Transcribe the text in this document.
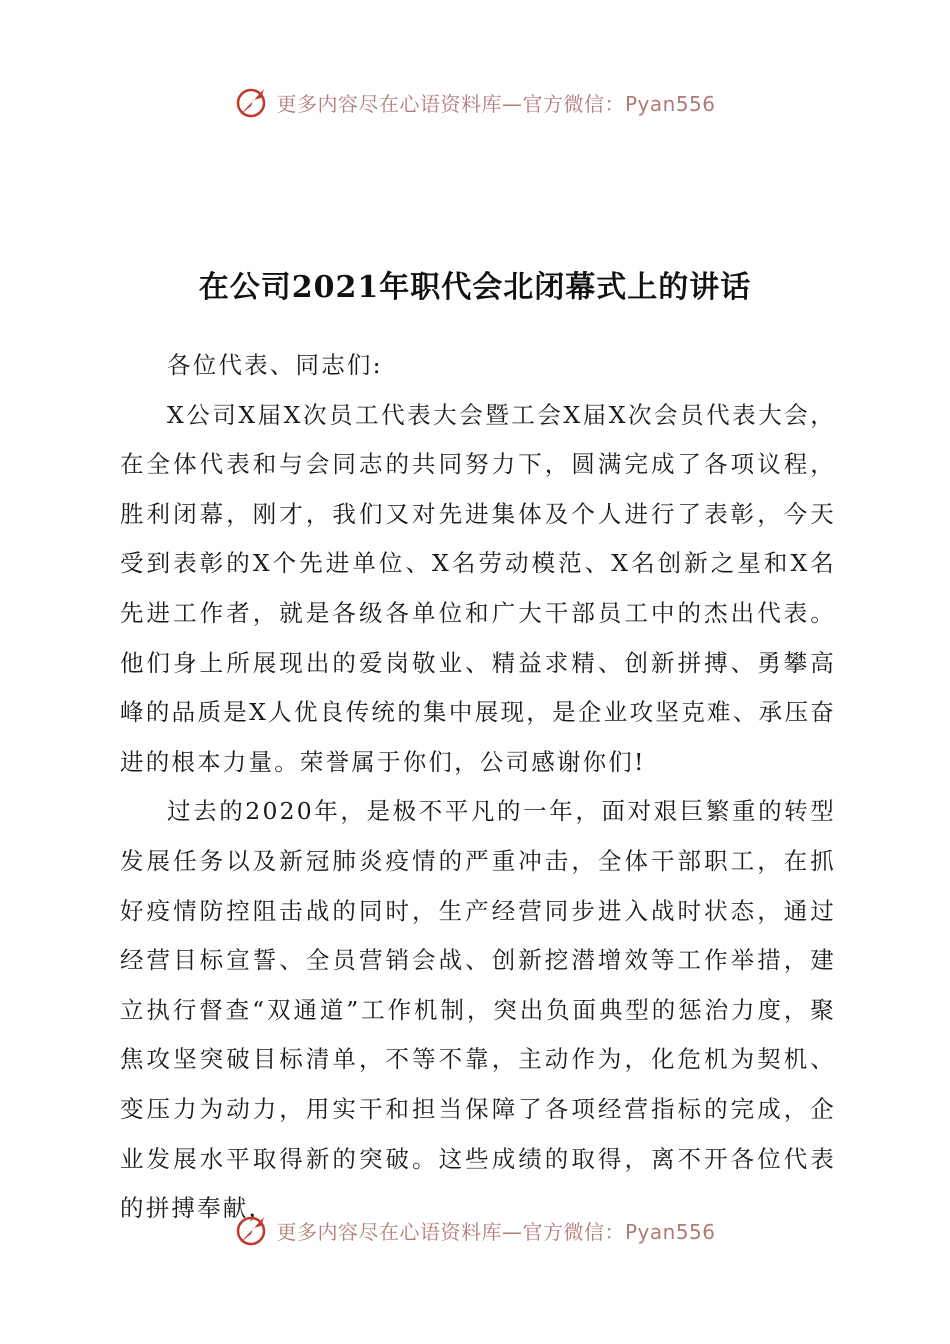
更多内容尽在心语资料库—官方微信：Pyan556
在公司2021年职代会北闭幕式上的讲话

各位代表、同志们:

X公司X届X次员工代表大会暨工会X届X次会员代表大会，在全体代表和与会同志的共同努力下，圆满完成了各项议程，胜利闭幕，刚才，我们又对先进集体及个人进行了表彰，今天受到表彰的X个先进单位、X名劳动模范、X名创新之星和X名先进工作者，就是各级各单位和广大干部员工中的杰出代表。他们身上所展现出的爱岗敬业、精益求精、创新拼搏、勇攀高峰的品质是X人优良传统的集中展现，是企业攻坚克难、承压奋进的根本力量。荣誉属于你们，公司感谢你们!

过去的2020年，是极不平凡的一年，面对艰巨繁重的转型发展任务以及新冠肺炎疫情的严重冲击，全体干部职工，在抓好疫情防控阻击战的同时，生产经营同步进入战时状态，通过经营目标宣誓、全员营销会战、创新挖潜增效等工作举措，建立执行督查“双通道”工作机制，突出负面典型的惩治力度，聚焦攻坚突破目标清单，不等不靠，主动作为，化危机为契机、变压力为动力，用实干和担当保障了各项经营指标的完成，企业发展水平取得新的突破。这些成绩的取得，离不开各位代表的拼搏奉献，

更多内容尽在心语资料库—官方微信：Pyan556
